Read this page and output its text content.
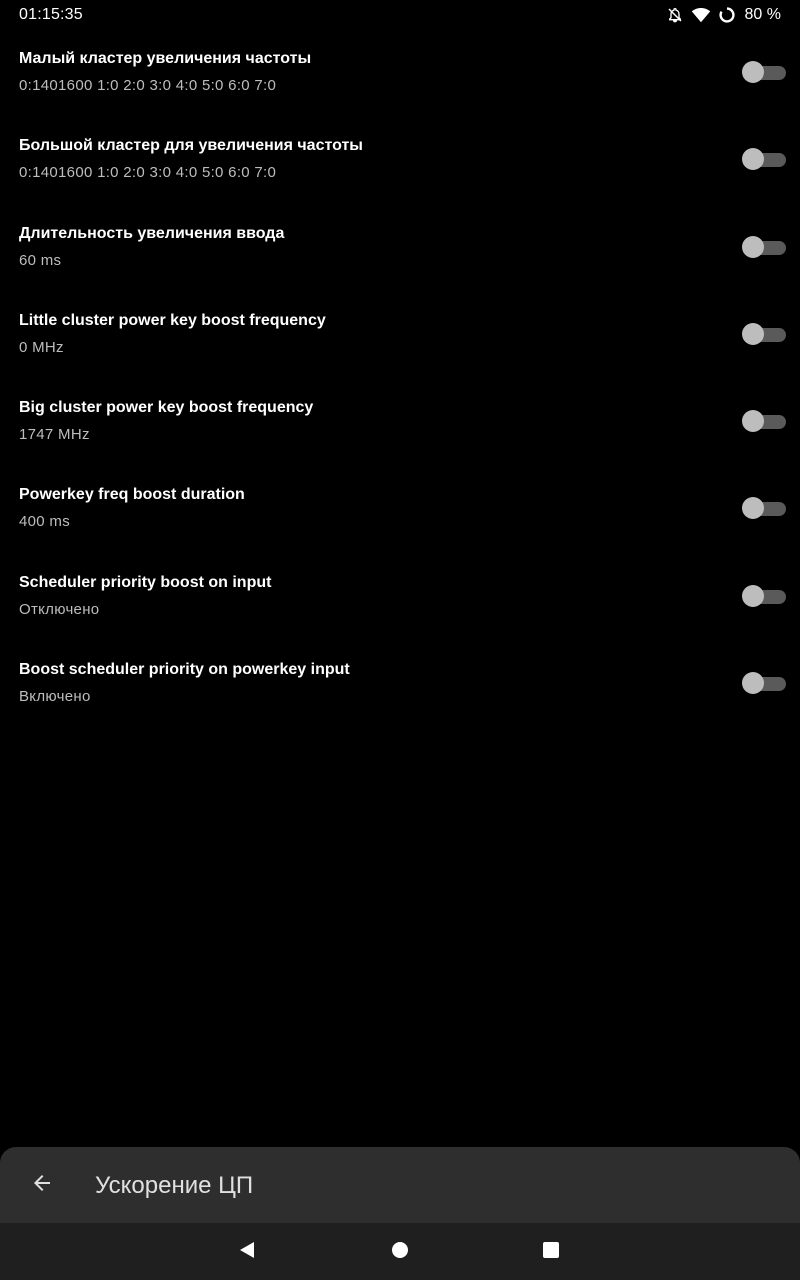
01:15:35	80 %
Малый кластер увеличения частоты
0:1401600 1:0 2:0 3:0 4:0 5:0 6:0 7:0
Большой кластер для увеличения частоты
0:1401600 1:0 2:0 3:0 4:0 5:0 6:0 7:0
Длительность увеличения ввода
60 ms
Little cluster power key boost frequency
0 MHz
Big cluster power key boost frequency
1747 MHz
Powerkey freq boost duration
400 ms
Scheduler priority boost on input
Отключено
Boost scheduler priority on powerkey input
Включено
Ускорение ЦП
